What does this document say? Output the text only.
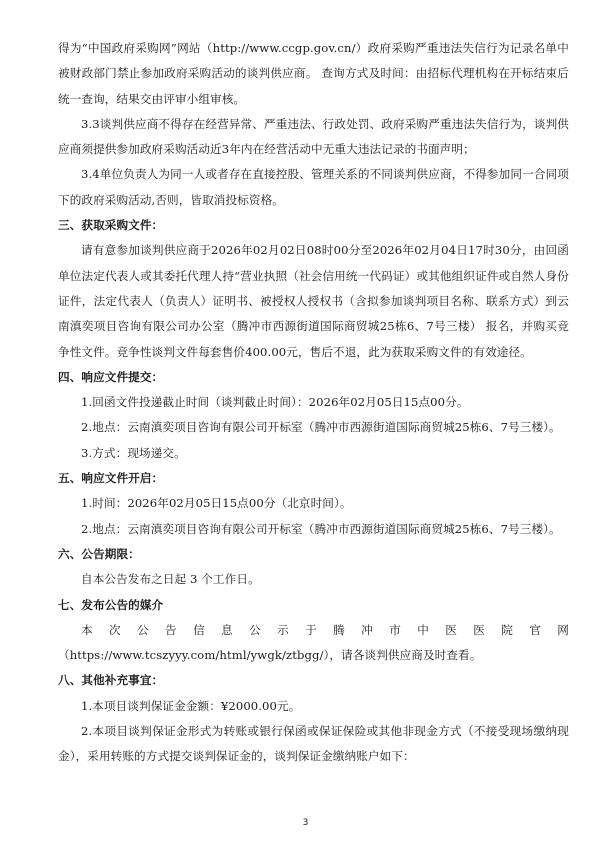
得为“中国政府采购网”网站（http://www.ccgp.gov.cn/）政府采购严重违法失信行为记录名单中被财政部门禁止参加政府采购活动的谈判供应商。 查询方式及时间：由招标代理机构在开标结束后统一查询，结果交由评审小组审核。

3.3谈判供应商不得存在经营异常、严重违法、行政处罚、政府采购严重违法失信行为，谈判供应商须提供参加政府采购活动近3年内在经营活动中无重大违法记录的书面声明；

3.4单位负责人为同一人或者存在直接控股、管理关系的不同谈判供应商，不得参加同一合同项下的政府采购活动,否则，皆取消投标资格。

三、获取采购文件：

请有意参加谈判供应商于2026年02月02日08时00分至2026年02月04日17时30分，由回函单位法定代表人或其委托代理人持“营业执照（社会信用统一代码证）或其他组织证件或自然人身份证件，法定代表人（负责人）证明书、被授权人授权书（含拟参加谈判项目名称、联系方式）到云南滇奕项目咨询有限公司办公室（腾冲市西源街道国际商贸城25栋6、7号三楼） 报名，并购买竞争性文件。竞争性谈判文件每套售价400.00元，售后不退，此为获取采购文件的有效途径。

四、响应文件提交：

1.回函文件投递截止时间（谈判截止时间）：2026年02月05日15点00分。

2.地点：云南滇奕项目咨询有限公司开标室（腾冲市西源街道国际商贸城25栋6、7号三楼）。

3.方式：现场递交。

五、响应文件开启：

1.时间：2026年02月05日15点00分（北京时间）。

2.地点：云南滇奕项目咨询有限公司开标室（腾冲市西源街道国际商贸城25栋6、7号三楼）。

六、公告期限：

自本公告发布之日起 3 个工作日。

七、发布公告的媒介

本次公告信息公示于腾冲市中医医院官网（https://www.tcszyyy.com/html/ywgk/ztbgg/），请各谈判供应商及时查看。

八、其他补充事宜：

1.本项目谈判保证金金额：¥2000.00元。

2.本项目谈判保证金形式为转账或银行保函或保证保险或其他非现金方式（不接受现场缴纳现金），采用转账的方式提交谈判保证金的，谈判保证金缴纳账户如下：

3
